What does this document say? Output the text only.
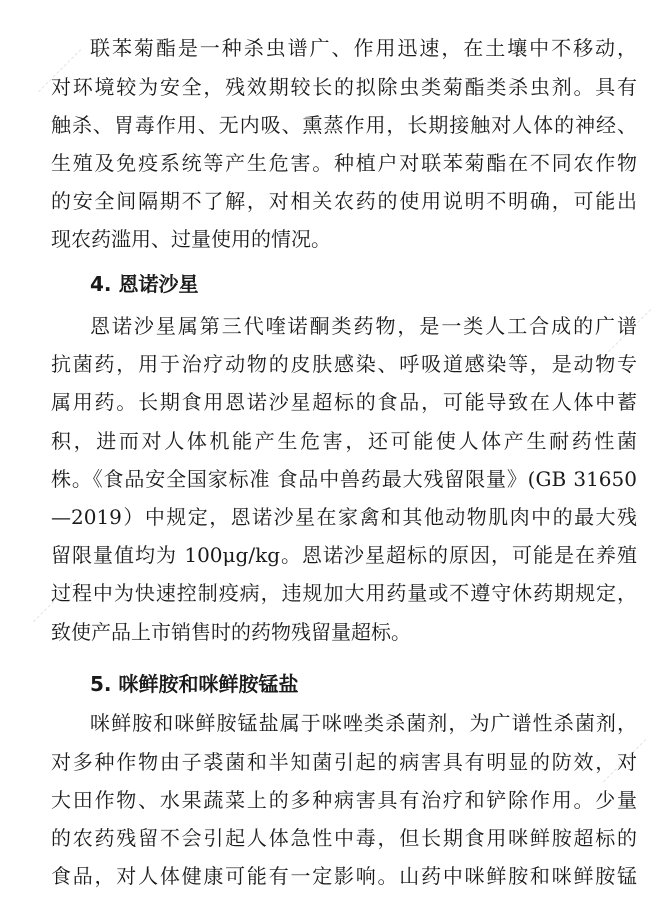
联苯菊酯是一种杀虫谱广、作用迅速，在土壤中不移动，
对环境较为安全，残效期较长的拟除虫类菊酯类杀虫剂。具有
触杀、胃毒作用、无内吸、熏蒸作用，长期接触对人体的神经、
生殖及免疫系统等产生危害。种植户对联苯菊酯在不同农作物
的安全间隔期不了解，对相关农药的使用说明不明确，可能出
现农药滥用、过量使用的情况。
4. 恩诺沙星
恩诺沙星属第三代喹诺酮类药物，是一类人工合成的广谱
抗菌药，用于治疗动物的皮肤感染、呼吸道感染等，是动物专
属用药。长期食用恩诺沙星超标的食品，可能导致在人体中蓄
积，进而对人体机能产生危害，还可能使人体产生耐药性菌
株。《食品安全国家标准 食品中兽药最大残留限量》(GB 31650
—2019）中规定，恩诺沙星在家禽和其他动物肌肉中的最大残
留限量值均为 100μg/kg。恩诺沙星超标的原因，可能是在养殖
过程中为快速控制疫病，违规加大用药量或不遵守休药期规定，
致使产品上市销售时的药物残留量超标。
5. 咪鲜胺和咪鲜胺锰盐
咪鲜胺和咪鲜胺锰盐属于咪唑类杀菌剂，为广谱性杀菌剂，
对多种作物由子裘菌和半知菌引起的病害具有明显的防效，对
大田作物、水果蔬菜上的多种病害具有治疗和铲除作用。少量
的农药残留不会引起人体急性中毒，但长期食用咪鲜胺超标的
食品，对人体健康可能有一定影响。山药中咪鲜胺和咪鲜胺锰
